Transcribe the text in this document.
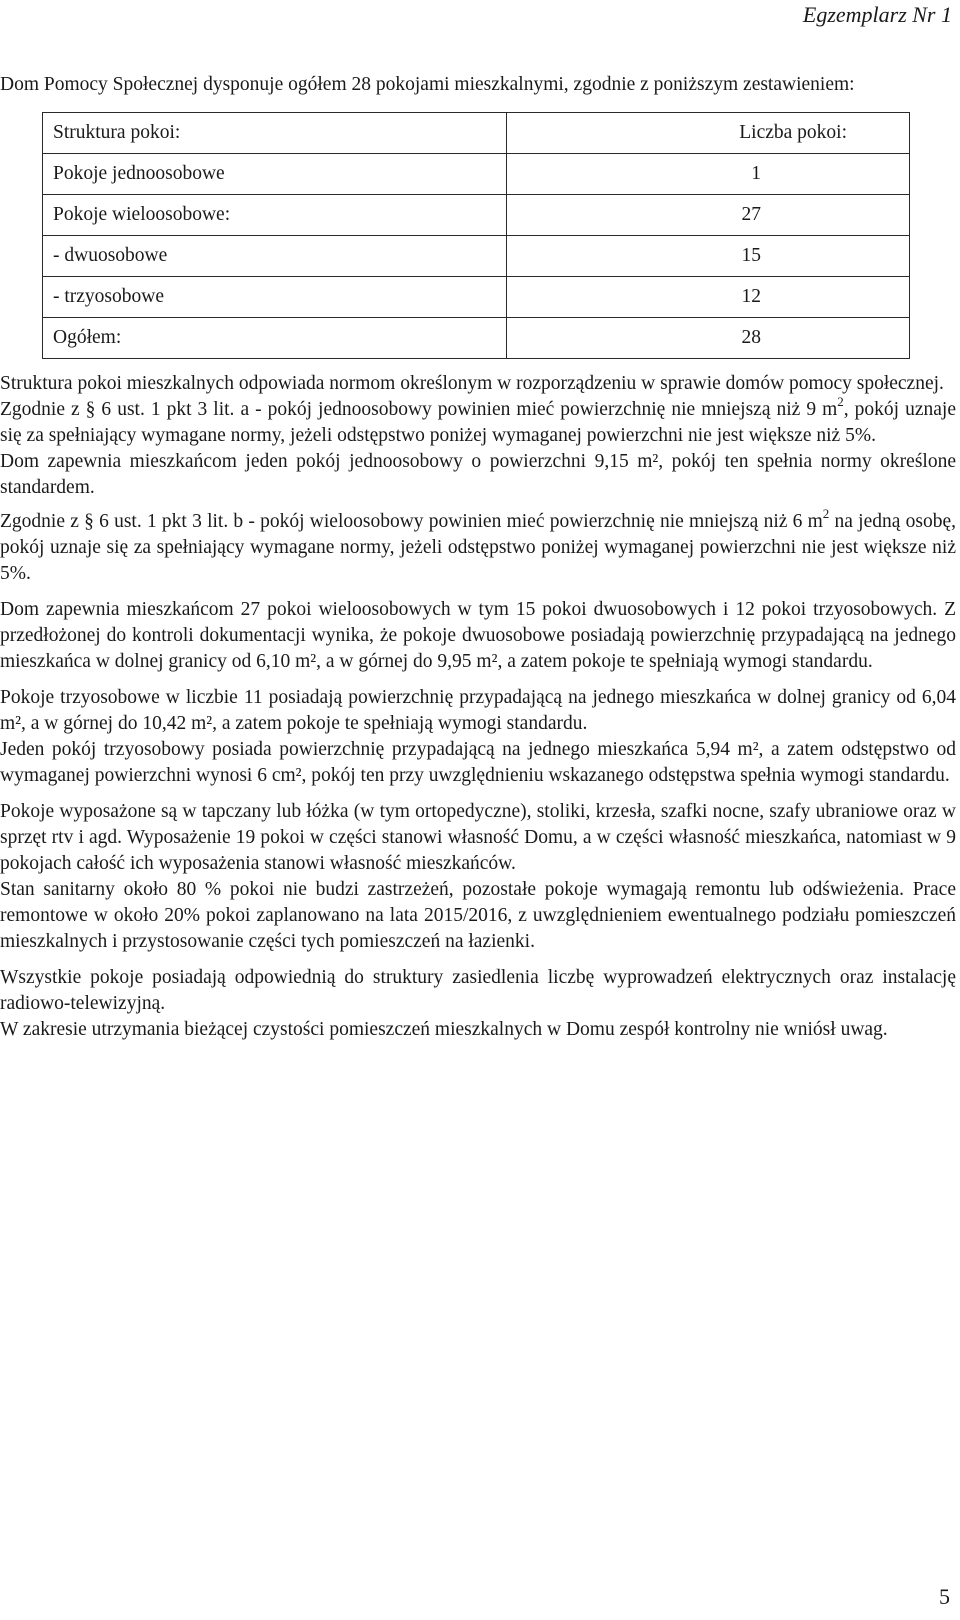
Egzemplarz Nr 1

Dom Pomocy Społecznej dysponuje ogółem 28 pokojami mieszkalnymi, zgodnie z poniższym zestawieniem:

Struktura pokoi:	Liczba pokoi:
Pokoje jednoosobowe	1
Pokoje wieloosobowe:	27
- dwuosobowe	15
- trzyosobowe	12
Ogółem:	28

Struktura pokoi mieszkalnych odpowiada normom określonym w rozporządzeniu w sprawie domów pomocy społecznej.

Zgodnie z § 6 ust. 1 pkt 3 lit. a - pokój jednoosobowy powinien mieć powierzchnię nie mniejszą niż 9 $m^2$, pokój uznaje się za spełniający wymagane normy, jeżeli odstępstwo poniżej wymaganej powierzchni nie jest większe niż 5%.

Dom zapewnia mieszkańcom jeden pokój jednoosobowy o powierzchni 9,15 m², pokój ten spełnia normy określone standardem.

Zgodnie z § 6 ust. 1 pkt 3 lit. b - pokój wieloosobowy powinien mieć powierzchnię nie mniejszą niż 6 $m^2$ na jedną osobę, pokój uznaje się za spełniający wymagane normy, jeżeli odstępstwo poniżej wymaganej powierzchni nie jest większe niż 5%.

Dom zapewnia mieszkańcom 27 pokoi wieloosobowych w tym 15 pokoi dwuosobowych i 12 pokoi trzyosobowych. Z przedłożonej do kontroli dokumentacji wynika, że pokoje dwuosobowe posiadają powierzchnię przypadającą na jednego mieszkańca w dolnej granicy od 6,10 m², a w górnej do 9,95 m², a zatem pokoje te spełniają wymogi standardu.

Pokoje trzyosobowe w liczbie 11 posiadają powierzchnię przypadającą na jednego mieszkańca w dolnej granicy od 6,04 m², a w górnej do 10,42 m², a zatem pokoje te spełniają wymogi standardu.

Jeden pokój trzyosobowy posiada powierzchnię przypadającą na jednego mieszkańca 5,94 m², a zatem odstępstwo od wymaganej powierzchni wynosi 6 cm², pokój ten przy uwzględnieniu wskazanego odstępstwa spełnia wymogi standardu.

Pokoje wyposażone są w tapczany lub łóżka (w tym ortopedyczne), stoliki, krzesła, szafki nocne, szafy ubraniowe oraz w sprzęt rtv i agd. Wyposażenie 19 pokoi w części stanowi własność Domu, a w części własność mieszkańca, natomiast w 9 pokojach całość ich wyposażenia stanowi własność mieszkańców.

Stan sanitarny około 80 % pokoi nie budzi zastrzeżeń, pozostałe pokoje wymagają remontu lub odświeżenia. Prace remontowe w około 20% pokoi zaplanowano na lata 2015/2016, z uwzględnieniem ewentualnego podziału pomieszczeń mieszkalnych i przystosowanie części tych pomieszczeń na łazienki.

Wszystkie pokoje posiadają odpowiednią do struktury zasiedlenia liczbę wyprowadzeń elektrycznych oraz instalację radiowo-telewizyjną.

W zakresie utrzymania bieżącej czystości pomieszczeń mieszkalnych w Domu zespół kontrolny nie wniósł uwag.

5
